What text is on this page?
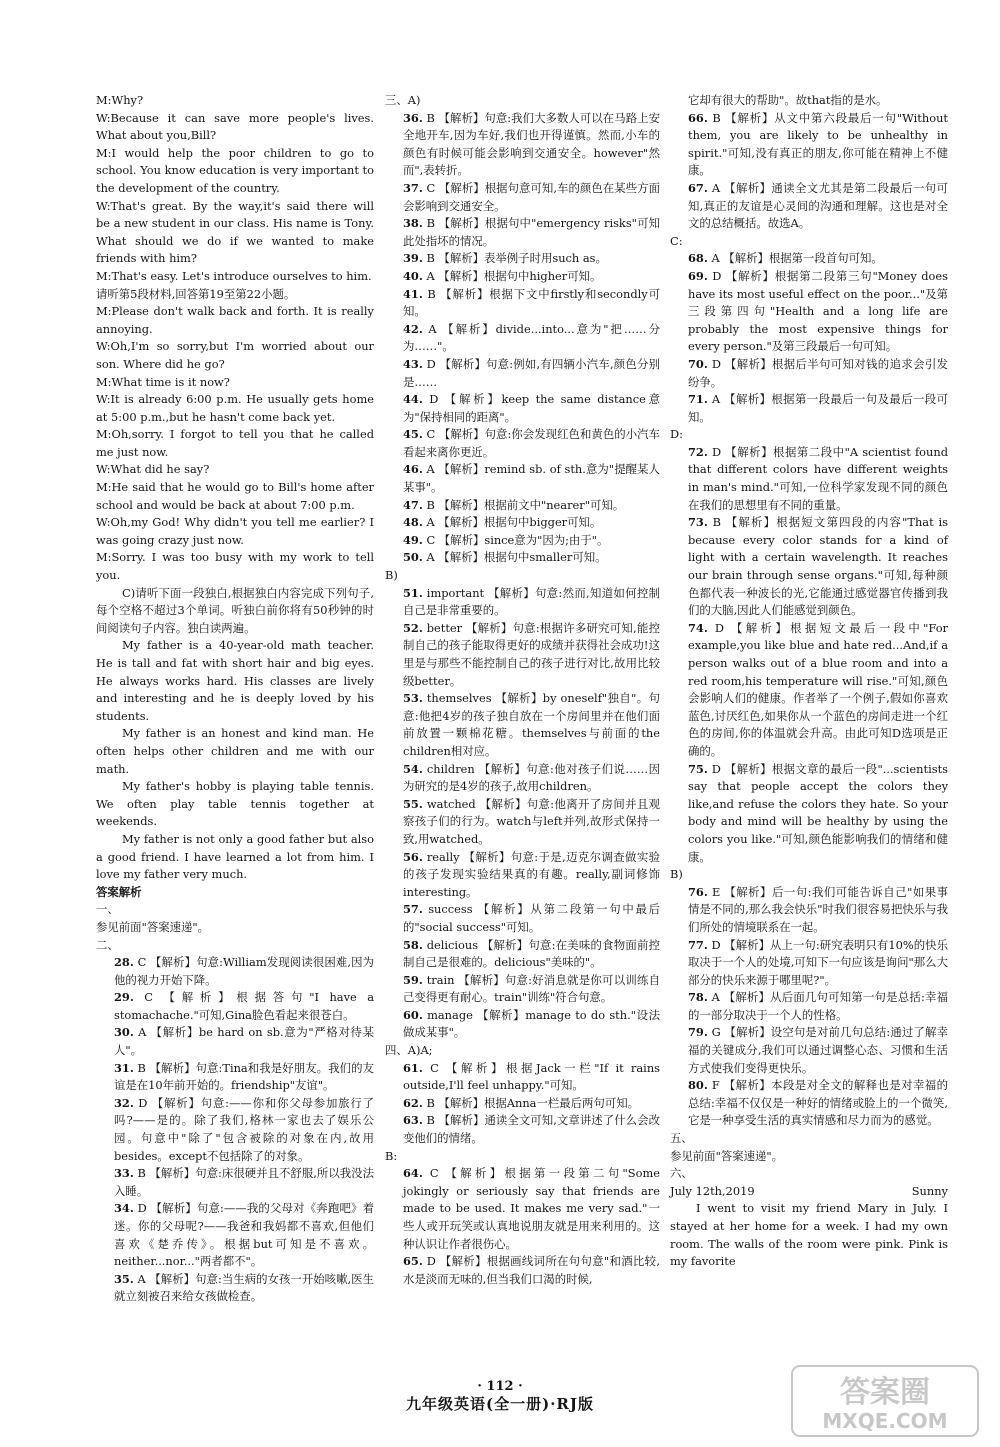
M:Why?

W:Because it can save more people's lives. What about you,Bill?

M:I would help the poor children to go to school. You know education is very important to the development of the country.

W:That's great. By the way,it's said there will be a new student in our class. His name is Tony. What should we do if we wanted to make friends with him?

M:That's easy. Let's introduce ourselves to him.

请听第5段材料,回答第19至第22小题。

M:Please don't walk back and forth. It is really annoying.

W:Oh,I'm so sorry,but I'm worried about our son. Where did he go?

M:What time is it now?

W:It is already 6:00 p.m. He usually gets home at 5:00 p.m.,but he hasn't come back yet.

M:Oh,sorry. I forgot to tell you that he called me just now.

W:What did he say?

M:He said that he would go to Bill's home after school and would be back at about 7:00 p.m.

W:Oh,my God! Why didn't you tell me earlier? I was going crazy just now.

M:Sorry. I was too busy with my work to tell you.

C)请听下面一段独白,根据独白内容完成下列句子,每个空格不超过3个单词。听独白前你将有50秒钟的时间阅读句子内容。独白读两遍。

My father is a 40-year-old math teacher. He is tall and fat with short hair and big eyes. He always works hard. His classes are lively and interesting and he is deeply loved by his students.

My father is an honest and kind man. He often helps other children and me with our math.

My father's hobby is playing table tennis. We often play table tennis together at weekends.

My father is not only a good father but also a good friend. I have learned a lot from him. I love my father very much.

答案解析

一、

参见前面"答案速递"。

二、

28. C 【解析】句意:William发现阅读很困难,因为他的视力开始下降。

29. C 【解析】根据答句"I have a stomachache."可知,Gina脸色看起来很苍白。

30. A 【解析】be hard on sb.意为"严格对待某人"。

31. B 【解析】句意:Tina和我是好朋友。我们的友谊是在10年前开始的。friendship"友谊"。

32. D 【解析】句意:——你和你父母参加旅行了吗?——是的。除了我们,格林一家也去了娱乐公园。句意中"除了"包含被除的对象在内,故用besides。except不包括除了的对象。

33. B 【解析】句意:床很硬并且不舒服,所以我没法入睡。

34. D 【解析】句意:——我的父母对《奔跑吧》着迷。你的父母呢?——我爸和我妈都不喜欢,但他们喜欢《楚乔传》。根据but可知是不喜欢。neither...nor..."两者都不"。

35. A 【解析】句意:当生病的女孩一开始咳嗽,医生就立刻被召来给女孩做检查。

三、A)

36. B 【解析】句意:我们大多数人可以在马路上安全地开车,因为车好,我们也开得谨慎。然而,小车的颜色有时候可能会影响到交通安全。however"然而",表转折。

37. C 【解析】根据句意可知,车的颜色在某些方面会影响到交通安全。

38. B 【解析】根据句中"emergency risks"可知此处指坏的情况。

39. B 【解析】表举例子时用such as。

40. A 【解析】根据句中higher可知。

41. B 【解析】根据下文中firstly和secondly可知。

42. A 【解析】divide...into...意为"把……分为……"。

43. D 【解析】句意:例如,有四辆小汽车,颜色分别是……

44. D 【解析】keep the same distance意为"保持相同的距离"。

45. C 【解析】句意:你会发现红色和黄色的小汽车看起来离你更近。

46. A 【解析】remind sb. of sth.意为"提醒某人某事"。

47. B 【解析】根据前文中"nearer"可知。

48. A 【解析】根据句中bigger可知。

49. C 【解析】since意为"因为;由于"。

50. A 【解析】根据句中smaller可知。

B)

51. important 【解析】句意:然而,知道如何控制自己是非常重要的。

52. better 【解析】句意:根据许多研究可知,能控制自己的孩子能取得更好的成绩并获得社会成功!这里是与那些不能控制自己的孩子进行对比,故用比较级better。

53. themselves 【解析】by oneself"独自"。句意:他把4岁的孩子独自放在一个房间里并在他们面前放置一颗棉花糖。themselves与前面的the children相对应。

54. children 【解析】句意:他对孩子们说……因为研究的是4岁的孩子,故用children。

55. watched 【解析】句意:他离开了房间并且观察孩子们的行为。watch与left并列,故形式保持一致,用watched。

56. really 【解析】句意:于是,迈克尔调查做实验的孩子发现实验结果真的有趣。really,副词修饰interesting。

57. success 【解析】从第二段第一句中最后的"social success"可知。

58. delicious 【解析】句意:在美味的食物面前控制自己是很难的。delicious"美味的"。

59. train 【解析】句意:好消息就是你可以训练自己变得更有耐心。train"训练"符合句意。

60. manage 【解析】manage to do sth."设法做成某事"。

四、A)A;

61. C 【解析】根据Jack一栏"If it rains outside,I'll feel unhappy."可知。

62. B 【解析】根据Anna一栏最后两句可知。

63. B 【解析】通读全文可知,文章讲述了什么会改变他们的情绪。

B:

64. C 【解析】根据第一段第二句"Some jokingly or seriously say that friends are made to be used. It makes me very sad."一些人或开玩笑或认真地说朋友就是用来利用的。这种认识让作者很伤心。

65. D 【解析】根据画线词所在句句意"和酒比较,水是淡而无味的,但当我们口渴的时候,

它却有很大的帮助"。故that指的是水。

66. B 【解析】从文中第六段最后一句"Without them, you are likely to be unhealthy in spirit."可知,没有真正的朋友,你可能在精神上不健康。

67. A 【解析】通读全文尤其是第二段最后一句可知,真正的友谊是心灵间的沟通和理解。这也是对全文的总结概括。故选A。

C:

68. A 【解析】根据第一段首句可知。

69. D 【解析】根据第二段第三句"Money does have its most useful effect on the poor..."及第三段第四句"Health and a long life are probably the most expensive things for every person."及第三段最后一句可知。

70. D 【解析】根据后半句可知对钱的追求会引发纷争。

71. A 【解析】根据第一段最后一句及最后一段可知。

D:

72. D 【解析】根据第二段中"A scientist found that different colors have different weights in man's mind."可知,一位科学家发现不同的颜色在我们的思想里有不同的重量。

73. B 【解析】根据短文第四段的内容"That is because every color stands for a kind of light with a certain wavelength. It reaches our brain through sense organs."可知,每种颜色都代表一种波长的光,它能通过感觉器官传播到我们的大脑,因此人们能感觉到颜色。

74. D 【解析】根据短文最后一段中"For example,you like blue and hate red...And,if a person walks out of a blue room and into a red room,his temperature will rise."可知,颜色会影响人们的健康。作者举了一个例子,假如你喜欢蓝色,讨厌红色,如果你从一个蓝色的房间走进一个红色的房间,你的体温就会升高。由此可知D选项是正确的。

75. D 【解析】根据文章的最后一段"...scientists say that people accept the colors they like,and refuse the colors they hate. So your body and mind will be healthy by using the colors you like."可知,颜色能影响我们的情绪和健康。

B)

76. E 【解析】后一句:我们可能告诉自己"如果事情是不同的,那么我会快乐"时我们很容易把快乐与我们所处的情境联系在一起。

77. D 【解析】从上一句:研究表明只有10%的快乐取决于一个人的处境,可知下一句应该是询问"那么大部分的快乐来源于哪里呢?"。

78. A 【解析】从后面几句可知第一句是总括:幸福的一部分取决于一个人的性格。

79. G 【解析】设空句是对前几句总结:通过了解幸福的关键成分,我们可以通过调整心态、习惯和生活方式使我们变得更快乐。

80. F 【解析】本段是对全文的解释也是对幸福的总结:幸福不仅仅是一种好的情绪或脸上的一个微笑,它是一种享受生活的真实情感和尽力而为的感觉。

五、

参见前面"答案速递"。

六、

Sunny
July 12th,2019

I went to visit my friend Mary in July. I stayed at her home for a week. I had my own room. The walls of the room were pink. Pink is my favorite

· 112 ·
九年级英语(全一册)·RJ版	答案圈
MXQE.COM
